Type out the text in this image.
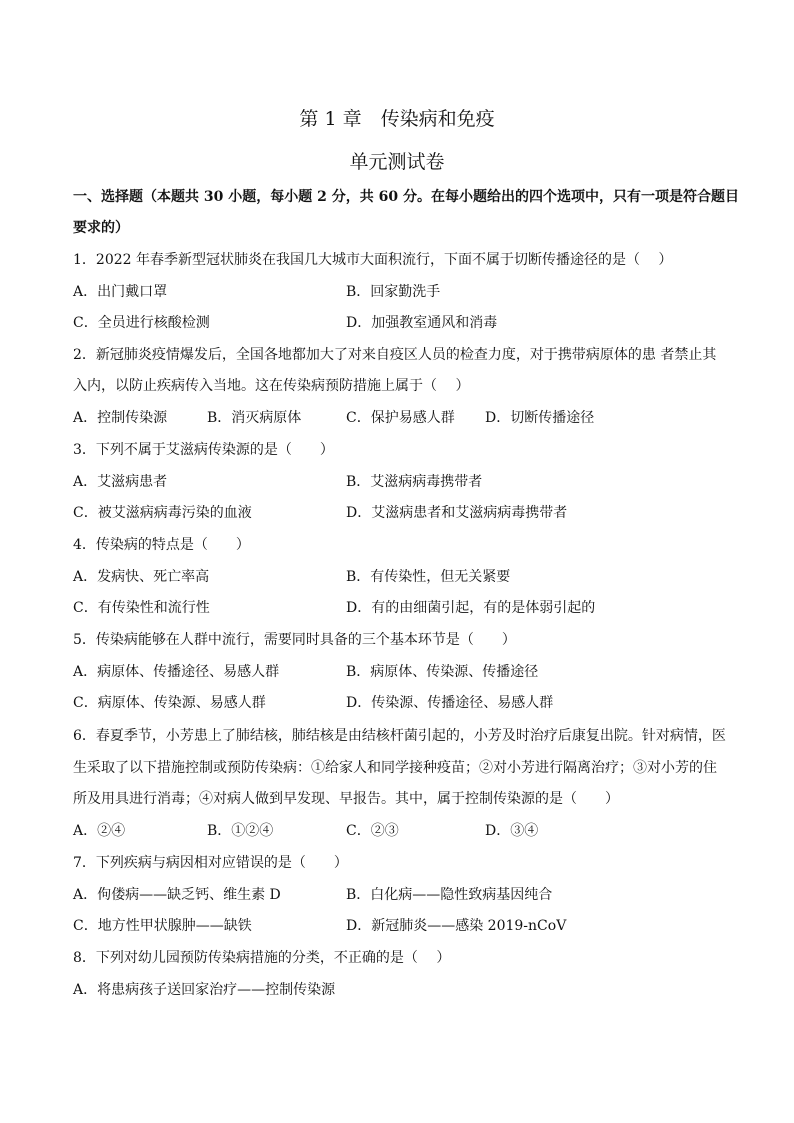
第 1 章　传染病和免疫
单元测试卷
一、选择题（本题共 30 小题，每小题 2 分，共 60 分。在每小题给出的四个选项中，只有一项是符合题目
要求的）
1．2022 年春季新型冠状肺炎在我国几大城市大面积流行，下面不属于切断传播途径的是（　 ）
A．出门戴口罩	B．回家勤洗手
C．全员进行核酸检测	D．加强教室通风和消毒
2．新冠肺炎疫情爆发后，全国各地都加大了对来自疫区人员的检查力度，对于携带病原体的患 者禁止其
入内，以防止疾病传入当地。这在传染病预防措施上属于（　 ）
A．控制传染源	B．消灭病原体	C．保护易感人群 D．切断传播途径
3．下列不属于艾滋病传染源的是（　　）
A．艾滋病患者	B．艾滋病病毒携带者
C．被艾滋病病毒污染的血液	D．艾滋病患者和艾滋病病毒携带者
4．传染病的特点是（　　）
A．发病快、死亡率高	B．有传染性，但无关紧要
C．有传染性和流行性	D．有的由细菌引起，有的是体弱引起的
5．传染病能够在人群中流行，需要同时具备的三个基本环节是（　　）
A．病原体、传播途径、易感人群	B．病原体、传染源、传播途径
C．病原体、传染源、易感人群	D．传染源、传播途径、易感人群
6．春夏季节，小芳患上了肺结核，肺结核是由结核杆菌引起的，小芳及时治疗后康复出院。针对病情，医
生采取了以下措施控制或预防传染病：①给家人和同学接种疫苗；②对小芳进行隔离治疗；③对小芳的住
所及用具进行消毒；④对病人做到早发现、早报告。其中，属于控制传染源的是（　　）
A．②④	B．①②④	C．②③	D．③④
7．下列疾病与病因相对应错误的是（　　）
A．佝偻病——缺乏钙、维生素 D	B．白化病——隐性致病基因纯合
C．地方性甲状腺肿——缺铁	D．新冠肺炎——感染 2019-nCoV
8．下列对幼儿园预防传染病措施的分类，不正确的是（　 ）
A．将患病孩子送回家治疗——控制传染源
